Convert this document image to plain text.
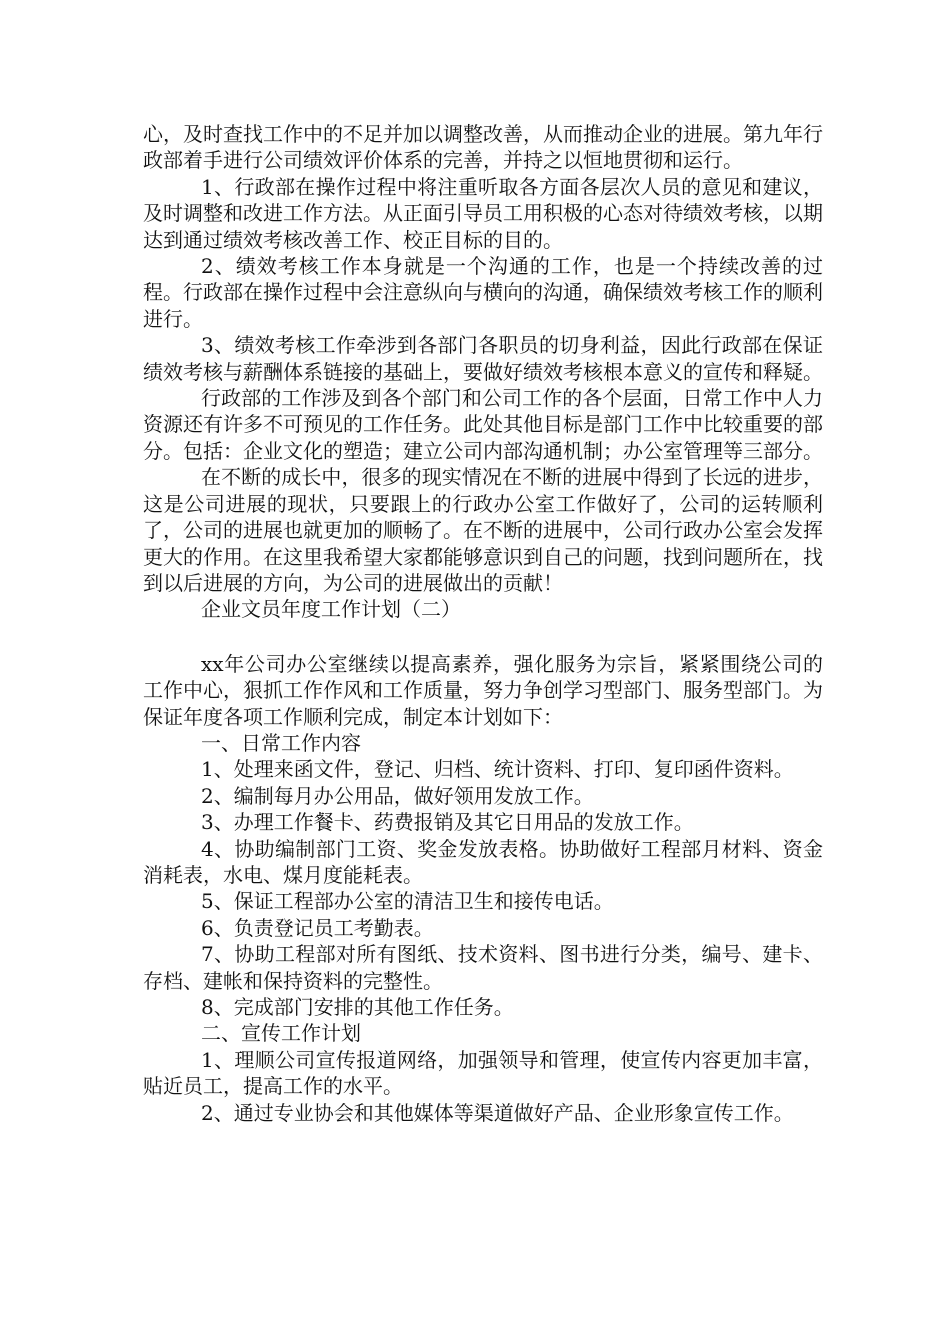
心，及时查找工作中的不足并加以调整改善，从而推动企业的进展。第九年行政部着手进行公司绩效评价体系的完善，并持之以恒地贯彻和运行。

1、行政部在操作过程中将注重听取各方面各层次人员的意见和建议，及时调整和改进工作方法。从正面引导员工用积极的心态对待绩效考核，以期达到通过绩效考核改善工作、校正目标的目的。

2、绩效考核工作本身就是一个沟通的工作，也是一个持续改善的过程。行政部在操作过程中会注意纵向与横向的沟通，确保绩效考核工作的顺利进行。

3、绩效考核工作牵涉到各部门各职员的切身利益，因此行政部在保证绩效考核与薪酬体系链接的基础上，要做好绩效考核根本意义的宣传和释疑。

行政部的工作涉及到各个部门和公司工作的各个层面，日常工作中人力资源还有许多不可预见的工作任务。此处其他目标是部门工作中比较重要的部分。包括：企业文化的塑造；建立公司内部沟通机制；办公室管理等三部分。

在不断的成长中，很多的现实情况在不断的进展中得到了长远的进步，这是公司进展的现状，只要跟上的行政办公室工作做好了，公司的运转顺利了，公司的进展也就更加的顺畅了。在不断的进展中，公司行政办公室会发挥更大的作用。在这里我希望大家都能够意识到自己的问题，找到问题所在，找到以后进展的方向，为公司的进展做出的贡献！

企业文员年度工作计划（二）

xx年公司办公室继续以提高素养，强化服务为宗旨，紧紧围绕公司的工作中心，狠抓工作作风和工作质量，努力争创学习型部门、服务型部门。为保证年度各项工作顺利完成，制定本计划如下：

一、日常工作内容

1、处理来函文件，登记、归档、统计资料、打印、复印函件资料。

2、编制每月办公用品，做好领用发放工作。

3、办理工作餐卡、药费报销及其它日用品的发放工作。

4、协助编制部门工资、奖金发放表格。协助做好工程部月材料、资金消耗表，水电、煤月度能耗表。

5、保证工程部办公室的清洁卫生和接传电话。

6、负责登记员工考勤表。

7、协助工程部对所有图纸、技术资料、图书进行分类，编号、建卡、存档、建帐和保持资料的完整性。

8、完成部门安排的其他工作任务。

二、宣传工作计划

1、理顺公司宣传报道网络，加强领导和管理，使宣传内容更加丰富，贴近员工，提高工作的水平。

2、通过专业协会和其他媒体等渠道做好产品、企业形象宣传工作。
